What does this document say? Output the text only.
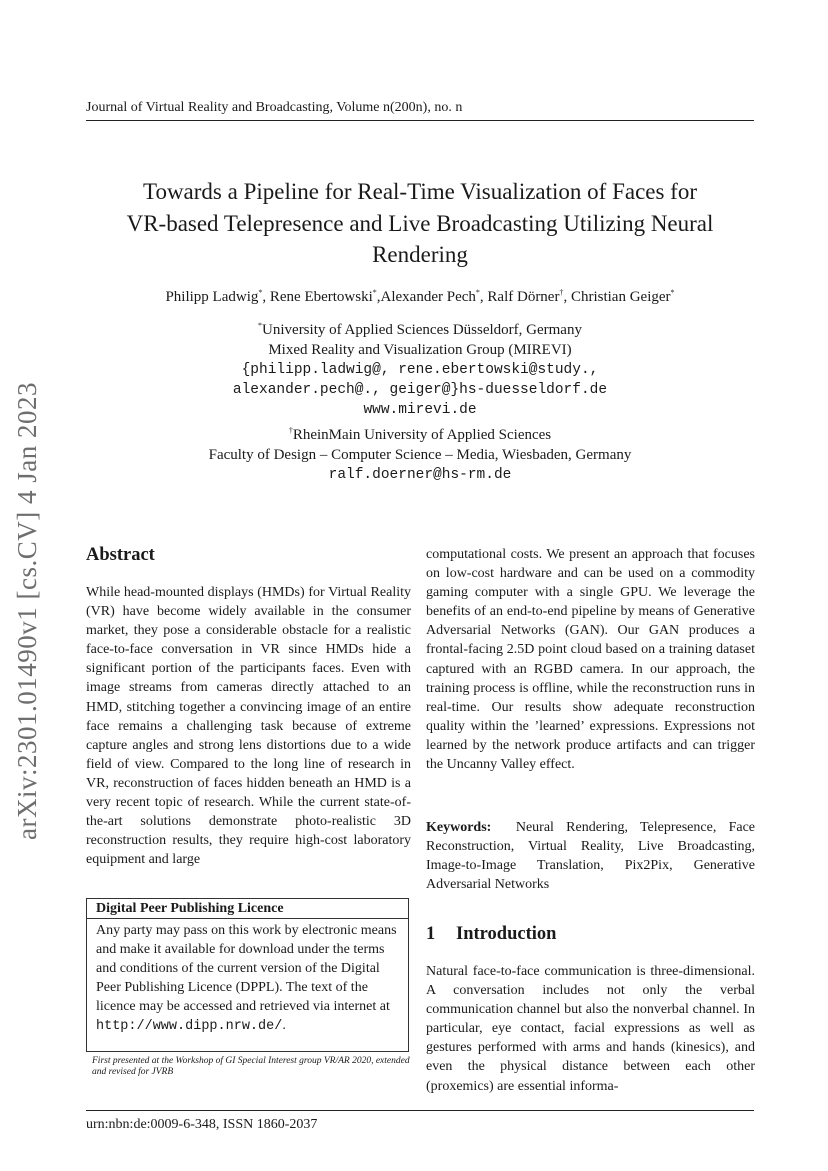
Journal of Virtual Reality and Broadcasting, Volume n(200n), no. n
arXiv:2301.01490v1 [cs.CV] 4 Jan 2023
Towards a Pipeline for Real-Time Visualization of Faces for
VR-based Telepresence and Live Broadcasting Utilizing Neural
Rendering
Philipp Ladwig*, Rene Ebertowski*,Alexander Pech*, Ralf Dörner†, Christian Geiger*
*University of Applied Sciences Düsseldorf, Germany
Mixed Reality and Visualization Group (MIREVI)
{philipp.ladwig@, rene.ebertowski@study.,
alexander.pech@., geiger@}hs-duesseldorf.de
www.mirevi.de
†RheinMain University of Applied Sciences
Faculty of Design – Computer Science – Media, Wiesbaden, Germany
ralf.doerner@hs-rm.de
Abstract

While head-mounted displays (HMDs) for Virtual Reality (VR) have become widely available in the consumer market, they pose a considerable obstacle for a realistic face-to-face conversation in VR since HMDs hide a significant portion of the participants faces. Even with image streams from cameras directly attached to an HMD, stitching together a convincing image of an entire face remains a challenging task because of extreme capture angles and strong lens distortions due to a wide field of view. Compared to the long line of research in VR, reconstruction of faces hidden beneath an HMD is a very recent topic of research. While the current state-of-the-art solutions demonstrate photo-realistic 3D reconstruction results, they require high-cost laboratory equipment and large

computational costs. We present an approach that focuses on low-cost hardware and can be used on a commodity gaming computer with a single GPU. We leverage the benefits of an end-to-end pipeline by means of Generative Adversarial Networks (GAN). Our GAN produces a frontal-facing 2.5D point cloud based on a training dataset captured with an RGBD camera. In our approach, the training process is offline, while the reconstruction runs in real-time. Our results show adequate reconstruction quality within the ’learned’ expressions. Expressions not learned by the network produce artifacts and can trigger the Uncanny Valley effect.

Keywords: Neural Rendering, Telepresence, Face Reconstruction, Virtual Reality, Live Broadcasting, Image-to-Image Translation, Pix2Pix, Generative Adversarial Networks

Digital Peer Publishing Licence
Any party may pass on this work by electronic means and make it available for download under the terms and conditions of the current version of the Digital Peer Publishing Licence (DPPL). The text of the licence may be accessed and retrieved via internet at http://www.dipp.nrw.de/.
First presented at the Workshop of GI Special Interest group VR/AR 2020, extended and revised for JVRB
1 Introduction

Natural face-to-face communication is three-dimensional. A conversation includes not only the verbal communication channel but also the nonverbal channel. In particular, eye contact, facial expressions as well as gestures performed with arms and hands (kinesics), and even the physical distance between each other (proxemics) are essential informa-

urn:nbn:de:0009-6-348, ISSN 1860-2037
